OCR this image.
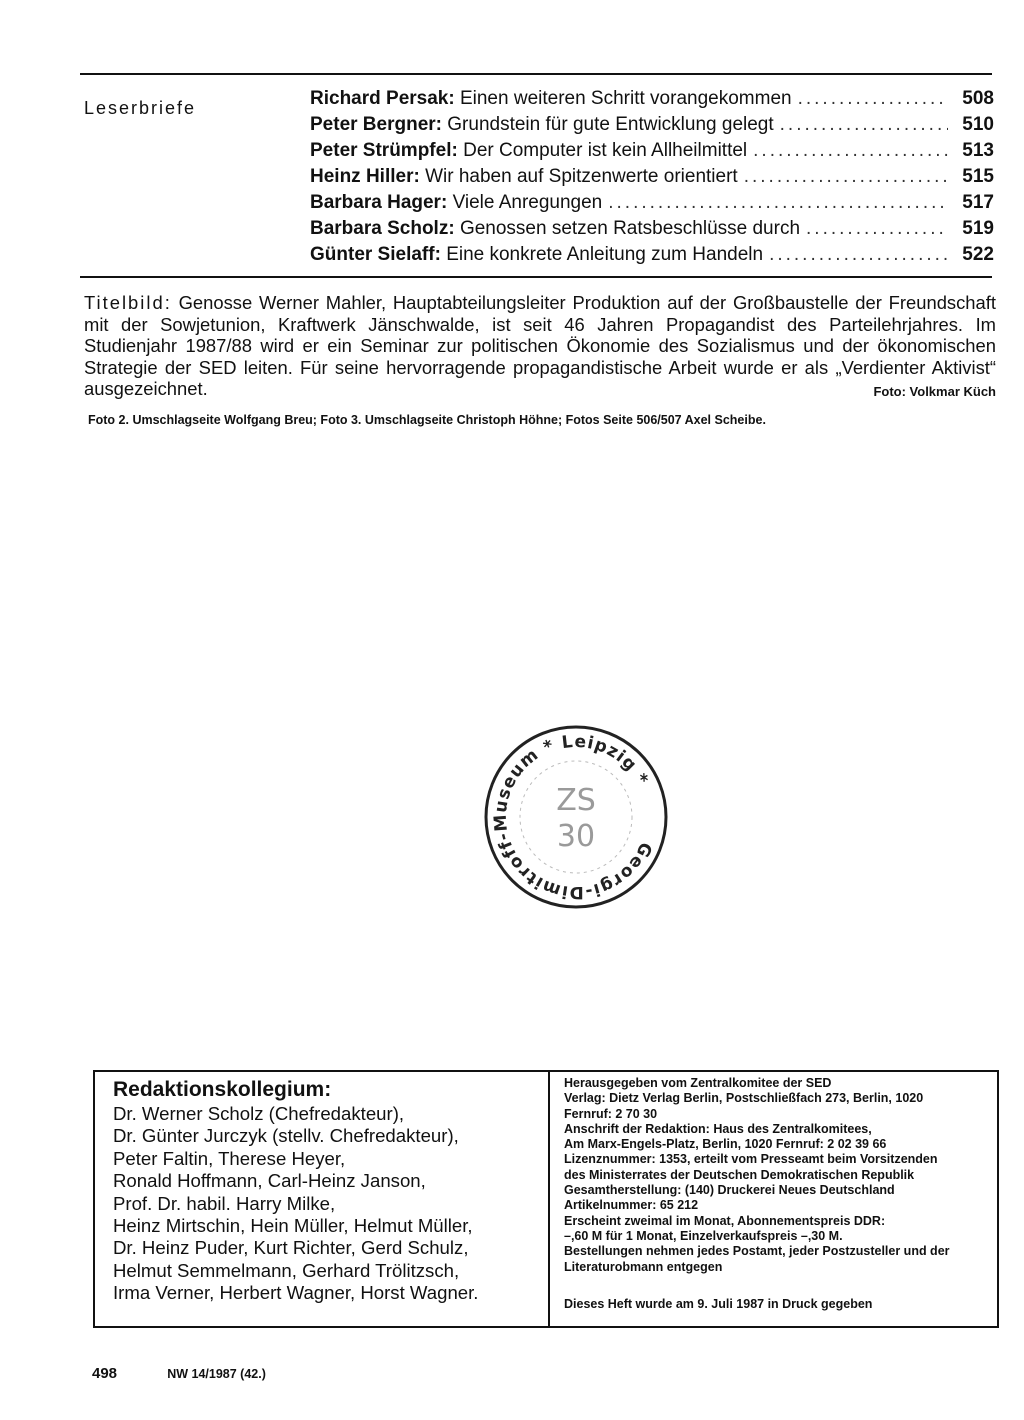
Leserbriefe	Richard Persak:
Einen weiteren Schritt vorangekommen .....	508
Peter Bergner:
Grundstein für gute Entwicklung gelegt .....	510
Peter Strümpfel:
Der Computer ist kein Allheilmittel .....	513
Heinz Hiller:
Wir haben auf Spitzenwerte orientiert .....	515
Barbara Hager:
Viele Anregungen .....	517
Barbara Scholz:
Genossen setzen Ratsbeschlüsse durch .....	519
Günter Sielaff:
Eine konkrete Anleitung zum Handeln .....	522
Titelbild: Genosse Werner Mahler, Hauptabteilungsleiter Produktion auf der Großbaustelle der Freundschaft mit der Sowjetunion, Kraftwerk Jänschwalde, ist seit 46 Jahren Propagandist des Parteilehrjahres. Im Studienjahr 1987/88 wird er ein Seminar zur politischen Ökonomie des Sozialismus und der ökonomischen Strategie der SED leiten. Für seine hervorragende propagandistische Arbeit wurde er als „Verdienter Aktivist“ ausgezeichnet.	Foto: Volkmar Küch
Foto 2. Umschlagseite Wolfgang Breu; Foto 3. Umschlagseite Christoph Höhne; Fotos Seite 506/507 Axel Scheibe.
Georgi-Dimitroff-Museum * Leipzig *
ZS
30
Redaktionskollegium:
Dr. Werner Scholz (Chefredakteur),
Dr. Günter Jurczyk (stellv. Chefredakteur),
Peter Faltin, Therese Heyer,
Ronald Hoffmann, Carl-Heinz Janson,
Prof. Dr. habil. Harry Milke,
Heinz Mirtschin, Hein Müller, Helmut Müller,
Dr. Heinz Puder, Kurt Richter, Gerd Schulz,
Helmut Semmelmann, Gerhard Trölitzsch,
Irma Verner, Herbert Wagner, Horst Wagner.
Herausgegeben vom Zentralkomitee der SED
Verlag: Dietz Verlag Berlin, Postschließfach 273, Berlin, 1020
Fernruf: 2 70 30
Anschrift der Redaktion: Haus des Zentralkomitees,
Am Marx-Engels-Platz, Berlin, 1020 Fernruf: 2 02 39 66
Lizenznummer: 1353, erteilt vom Presseamt beim Vorsitzenden
des Ministerrates der Deutschen Demokratischen Republik
Gesamtherstellung: (140) Druckerei Neues Deutschland
Artikelnummer: 65 212
Erscheint zweimal im Monat, Abonnementspreis DDR:
–,60 M für 1 Monat, Einzelverkaufspreis –,30 M.
Bestellungen nehmen jedes Postamt, jeder Postzusteller und der
Literaturobmann entgegen
Dieses Heft wurde am 9. Juli 1987 in Druck gegeben
498	NW 14/1987 (42.)
